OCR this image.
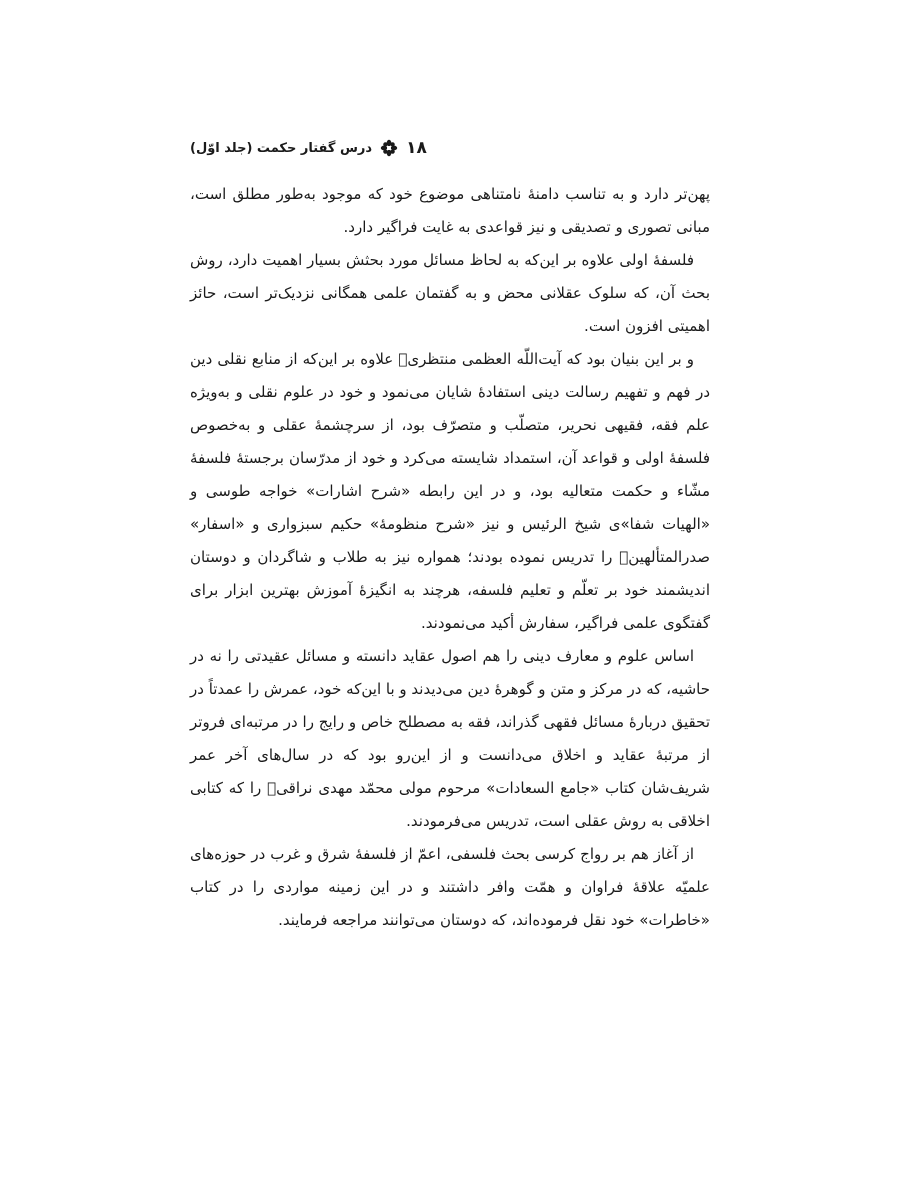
درس گفتار حکمت (جلد اوّل) ۱۸

پهن‌تر دارد و به تناسب دامنهٔ نامتناهی موضوع خود که موجود به‌طور مطلق است، مبانی تصوری و تصدیقی و نیز قواعدی به غایت فراگیر دارد.

فلسفهٔ اولی علاوه بر این‌که به لحاظ مسائل مورد بحثش بسیار اهمیت دارد، روش بحث آن، که سلوک عقلانی محض و به گفتمان علمی همگانی نزدیک‌تر است، حائز اهمیتی افزون است.

و بر این بنیان بود که آیت‌اللّه العظمی منتظری﷫ علاوه بر این‌که از منابع نقلی دین در فهم و تفهیم رسالت دینی استفادهٔ شایان می‌نمود و خود در علوم نقلی و به‌ویژه علم فقه، فقیهی نحریر، متصلّب و متصرّف بود، از سرچشمهٔ عقلی و به‌خصوص فلسفهٔ اولی و قواعد آن، استمداد شایسته می‌کرد و خود از مدرّسان برجستهٔ فلسفهٔ مشّاء و حکمت متعالیه بود، و در این رابطه «شرح اشارات» خواجه طوسی و «الهیات شفا»ی شیخ الرئیس و نیز «شرح منظومهٔ» حکیم سبزواری و «اسفار» صدرالمتألهین﷫ را تدریس نموده بودند؛ همواره نیز به طلاب و شاگردان و دوستان اندیشمند خود بر تعلّم و تعلیم فلسفه، هرچند به انگیزهٔ آموزش بهترین ابزار برای گفتگوی علمی فراگیر، سفارش أکید می‌نمودند.

اساس علوم و معارف دینی را هم اصول عقاید دانسته و مسائل عقیدتی را نه در حاشیه، که در مرکز و متن و گوهرهٔ دین می‌دیدند و با این‌که خود، عمرش را عمدتاً در تحقیق دربارهٔ مسائل فقهی گذراند، فقه به مصطلح خاص و رایج را در مرتبه‌ای فروتر از مرتبهٔ عقاید و اخلاق می‌دانست و از این‌رو بود که در سال‌های آخر عمر شریف‌شان کتاب «جامع السعادات» مرحوم مولی محمّد مهدی نراقی﷫ را که کتابی اخلاقی به روش عقلی است، تدریس می‌فرمودند.

از آغاز هم بر رواج کرسی بحث فلسفی، اعمّ از فلسفهٔ شرق و غرب در حوزه‌های علمیّه علاقهٔ فراوان و همّت وافر داشتند و در این زمینه مواردی را در کتاب «خاطرات» خود نقل فرموده‌اند، که دوستان می‌توانند مراجعه فرمایند.
